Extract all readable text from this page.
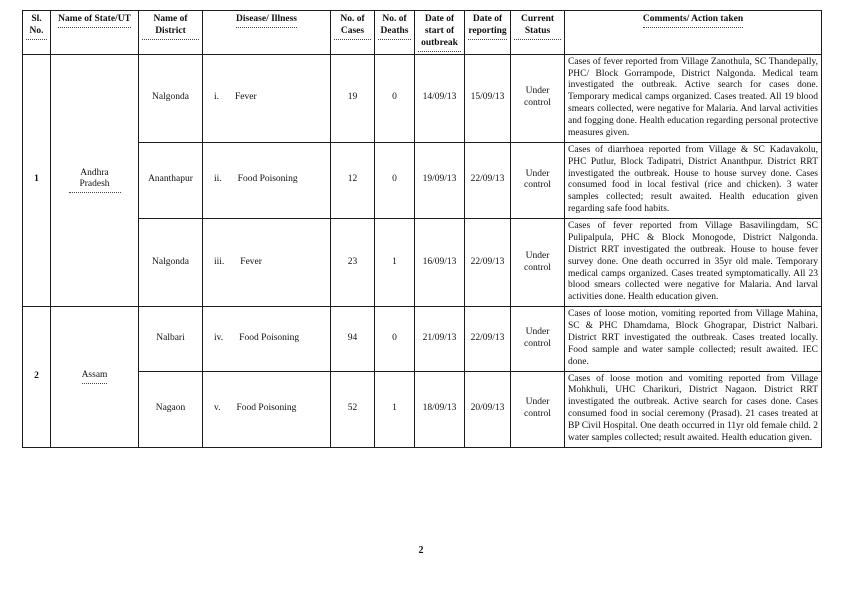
Sl. No.	Name of State/UT	Name of District	Disease/ Illness	No. of Cases	No. of Deaths	Date of start of outbreak	Date of reporting	Current Status	Comments/ Action taken
1	Andhra Pradesh	Nalgonda	i. Fever	19	0	14/09/13	15/09/13	Under control	Cases of fever reported from Village Zanothula, SC Thandepally, PHC/ Block Gorrampode, District Nalgonda. Medical team investigated the outbreak. Active search for cases done. Temporary medical camps organized. Cases treated. All 19 blood smears collected, were negative for Malaria. And larval activities and fogging done. Health education regarding personal protective measures given.
		Ananthapur	ii. Food Poisoning	12	0	19/09/13	22/09/13	Under control	Cases of diarrhoea reported from Village & SC Kadavakolu, PHC Putlur, Block Tadipatri, District Ananthpur. District RRT investigated the outbreak. House to house survey done. Cases consumed food in local festival (rice and chicken). 3 water samples collected; result awaited. Health education given regarding safe food habits.
		Nalgonda	iii. Fever	23	1	16/09/13	22/09/13	Under control	Cases of fever reported from Village Basavilingdam, SC Pulipalpula, PHC & Block Monogode, District Nalgonda. District RRT investigated the outbreak. House to house fever survey done. One death occurred in 35yr old male. Temporary medical camps organized. Cases treated symptomatically. All 23 blood smears collected were negative for Malaria. And larval activities done. Health education given.
2	Assam	Nalbari	iv. Food Poisoning	94	0	21/09/13	22/09/13	Under control	Cases of loose motion, vomiting reported from Village Mahina, SC & PHC Dhamdama, Block Ghograpar, District Nalbari. District RRT investigated the outbreak. Cases treated locally. Food sample and water sample collected; result awaited. IEC done.
		Nagaon	v. Food Poisoning	52	1	18/09/13	20/09/13	Under control	Cases of loose motion and vomiting reported from Village Mohkhuli, UHC Charikuri, District Nagaon. District RRT investigated the outbreak. Active search for cases done. Cases consumed food in social ceremony (Prasad). 21 cases treated at BP Civil Hospital. One death occurred in 11yr old female child. 2 water samples collected; result awaited. Health education given.
2
